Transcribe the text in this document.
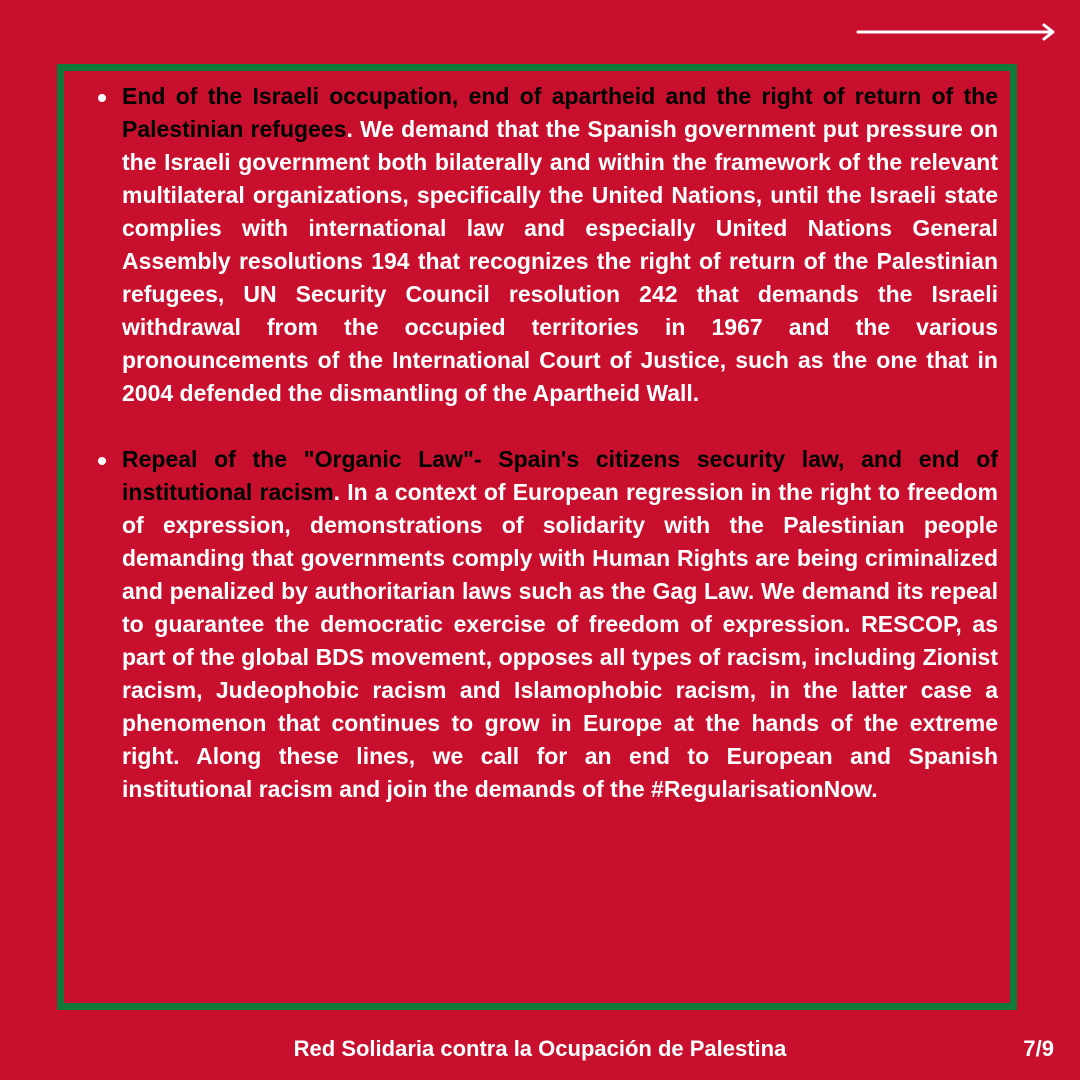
End of the Israeli occupation, end of apartheid and the right of return of the Palestinian refugees. We demand that the Spanish government put pressure on the Israeli government both bilaterally and within the framework of the relevant multilateral organizations, specifically the United Nations, until the Israeli state complies with international law and especially United Nations General Assembly resolutions 194 that recognizes the right of return of the Palestinian refugees, UN Security Council resolution 242 that demands the Israeli withdrawal from the occupied territories in 1967 and the various pronouncements of the International Court of Justice, such as the one that in 2004 defended the dismantling of the Apartheid Wall.

Repeal of the "Organic Law"- Spain's citizens security law, and end of institutional racism. In a context of European regression in the right to freedom of expression, demonstrations of solidarity with the Palestinian people demanding that governments comply with Human Rights are being criminalized and penalized by authoritarian laws such as the Gag Law. We demand its repeal to guarantee the democratic exercise of freedom of expression. RESCOP, as part of the global BDS movement, opposes all types of racism, including Zionist racism, Judeophobic racism and Islamophobic racism, in the latter case a phenomenon that continues to grow in Europe at the hands of the extreme right. Along these lines, we call for an end to European and Spanish institutional racism and join the demands of the #RegularisationNow.

Red Solidaria contra la Ocupación de Palestina	7/9
